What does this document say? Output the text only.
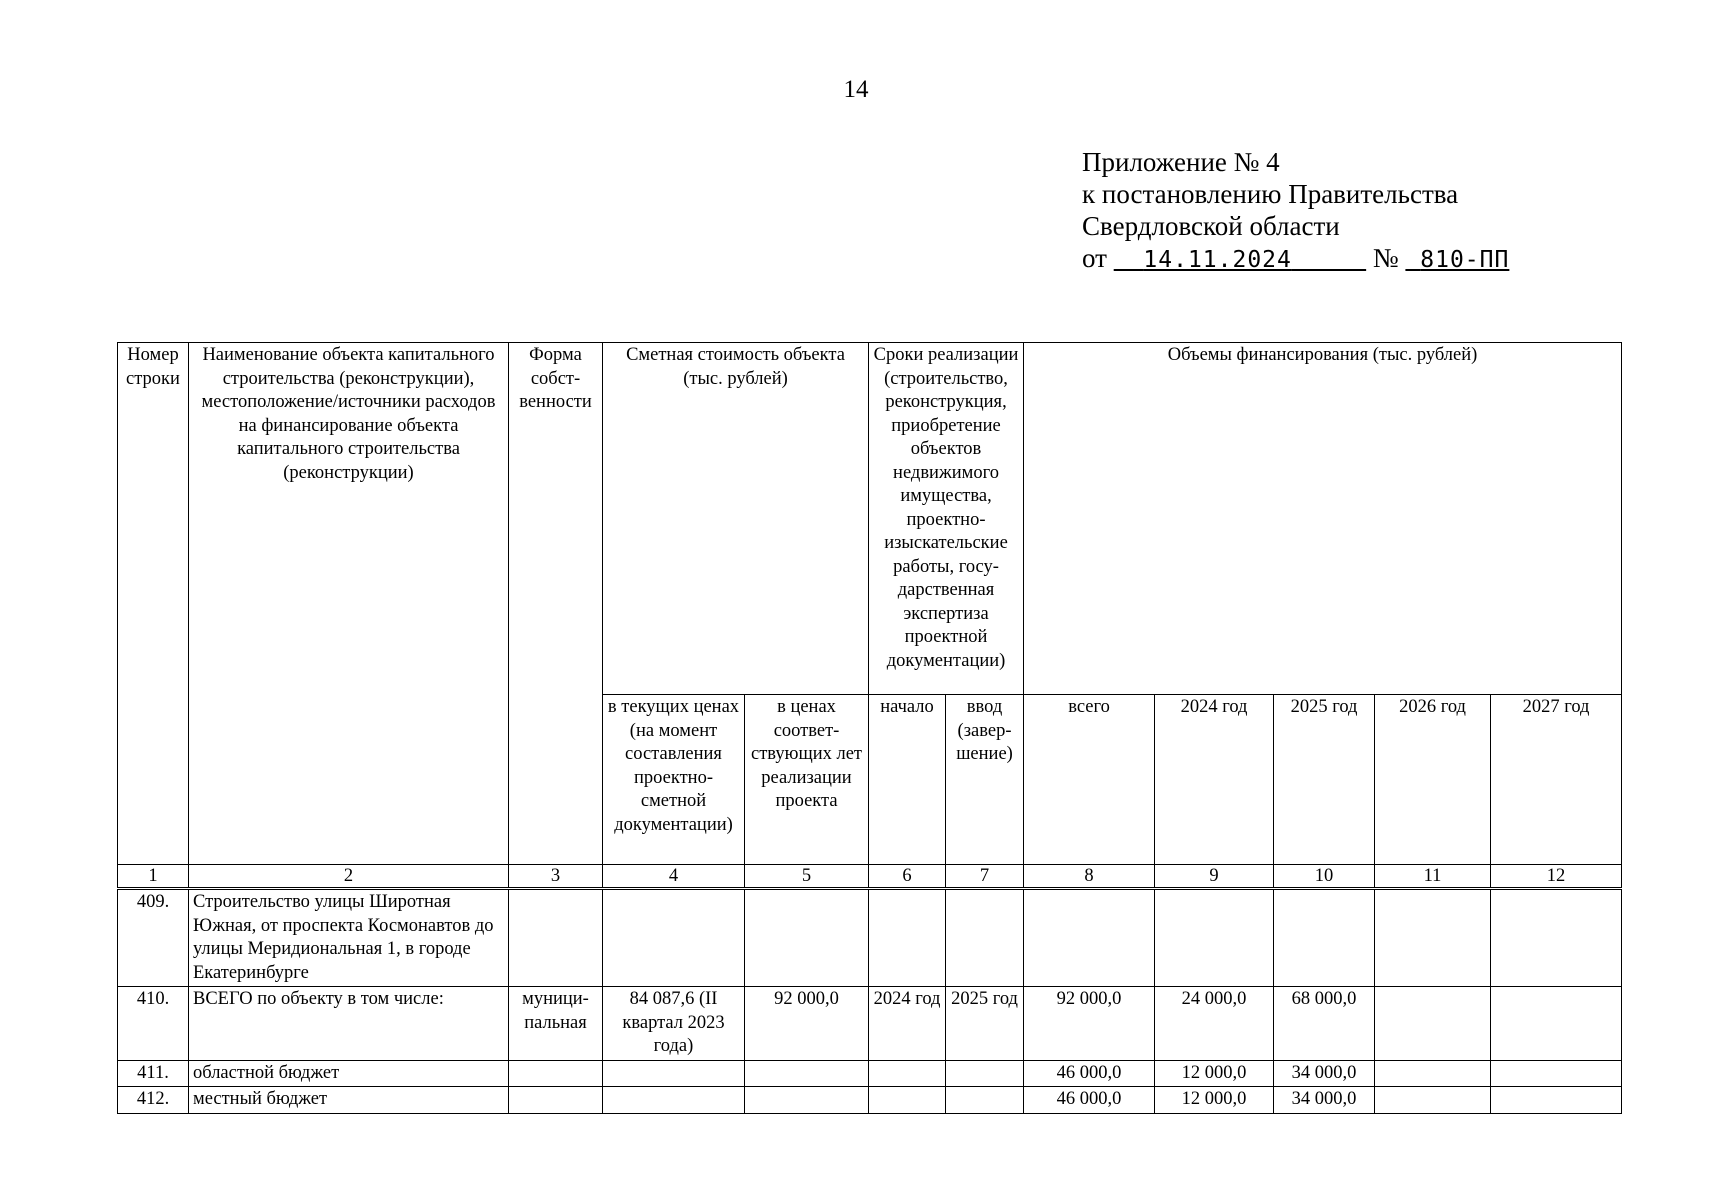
14
Приложение № 4
к постановлению Правительства
Свердловской области
от 14.11.2024	№ 810-ПП
Номер строки	Наименование объекта капитального строительства (реконструкции), местоположение/источники расходов на финансирование объекта капитального строительства (реконструкции)	Форма собст-венности	Сметная стоимость объекта (тыс. рублей)		Сроки реализации (строительство, реконструкция, приобретение объектов недвижимого имущества, проектно-изыскательские работы, госу-дарственная экспертиза проектной документации)		Объемы финансирования (тыс. рублей)				
			в текущих ценах (на момент составления проектно-сметной документации)	в ценах соответ-ствующих лет реализации проекта	начало	ввод (завер-шение)	всего	2024 год	2025 год	2026 год	2027 год
1	2	3	4	5	6	7	8	9	10	11	12
409.	Строительство улицы Широтная Южная, от проспекта Космонавтов до улицы Меридиональная 1, в городе Екатеринбурге										
410.	ВСЕГО по объекту в том числе:	муници-пальная	84 087,6 (II квартал 2023 года)	92 000,0	2024 год	2025 год	92 000,0	24 000,0	68 000,0		
411.	областной бюджет						46 000,0	12 000,0	34 000,0		
412.	местный бюджет						46 000,0	12 000,0	34 000,0		
